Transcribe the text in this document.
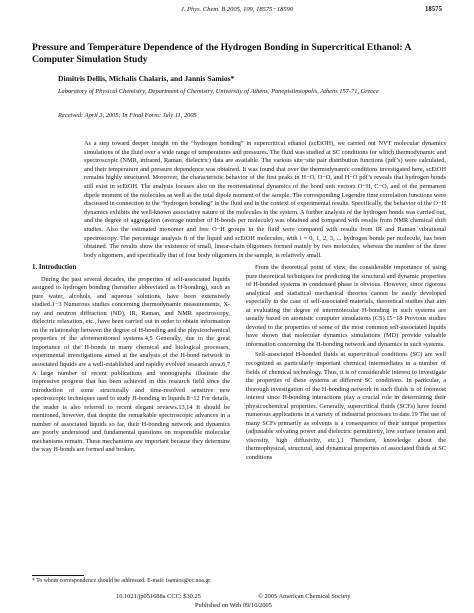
J. Phys. Chem. B 2005, 109, 18575−18590	18575
Pressure and Temperature Dependence of the Hydrogen Bonding in Supercritical Ethanol: A Computer Simulation Study
Dimitris Dellis, Michalis Chalaris, and Jannis Samios*
Laboratory of Physical Chemistry, Department of Chemistry, University of Athens, Panepistimiopolis, Athens 157-71, Greece
Received: April 3, 2005; In Final Form: July 11, 2005
As a step toward deeper insight on the “hydrogen bonding” in supercritical ethanol (scEtOH), we carried out NVT molecular dynamics simulations of the fluid over a wide range of temperatures and pressures. The fluid was studied at SC conditions for which thermodynamic and spectroscopic (NMR, infrared, Raman, dielectric) data are available. The various site−site pair distribution functions (pdf’s) were calculated, and their temperature and pressure dependence was obtained. It was found that over the thermodynamic conditions investigated here, scEtOH remains highly structured. Moreover, the characteristic behavior of the first peaks in H−O, O−O, and H−O pdf’s reveals that hydrogen bonds still exist in scEtOH. The analysis focuses also on the reorientational dynamics of the bond unit vectors O−H, C−O, and of the permanent dipole moment of the molecules as well as the total dipole moment of the sample. The corresponding Legendre time correlation functions were discussed in connection to the “hydrogen bonding” in the fluid and in the context of experimental results. Specifically, the behavior of the O−H dynamics exhibits the well-known associative nature of the molecules in the system. A further analysis of the hydrogen bonds was carried out, and the degree of aggregation (average number of H-bonds per molecule) was obtained and compared with results from NMR chemical shift studies. Also the estimated monomer and free O−H groups in the fluid were compared with results from IR and Raman vibrational spectroscopy. The percentage analysis fi of the liquid and scEtOH molecules, with i = 0, 1, 2, 3, ... hydrogen bonds per molecule, has been obtained. The results show the existence of small, linear-chain oligomers formed mainly by two molecules, whereas the number of the three body oligomers, and specifically that of four body oligomers in the sample, is relatively small.
1. Introduction

During the past several decades, the properties of self-associated liquids assigned to hydrogen bonding (hereafter abbreviated as H-bonding), such as pure water, alcohols, and aqueous solutions, have been extensively studied.1−3 Numerous studies concerning thermodynamic measurements, X-ray and neutron diffraction (ND), IR, Raman, and NMR spectroscopy, dielectric relaxation, etc., have been carried out in order to obtain information on the relationship between the degree of H-bonding and the physicochemical properties of the aforementioned systems.4,5 Generally, due to the great importance of the H-bonds in many chemical and biological processes, experimental investigations aimed at the analysis of the H-bond network in associated liquids are a well-established and rapidly evolved research area.6,7 A large number of recent publications and monographs illustrate the impressive progress that has been achieved in this research field since the introduction of some structurally and time-resolved sensitive new spectroscopic techniques used to study H-bonding in liquids.8−12 For details, the reader is also referred to recent elegant reviews.13,14 It should be mentioned, however, that despite the remarkable spectroscopic advances in a number of associated liquids so far, their H-bonding network and dynamics are poorly understood and fundamental questions on responsible molecular mechanisms remain. These mechanisms are important because they determine the way H-bonds are formed and broken.

From the theoretical point of view, the considerable importance of using pure theoretical techniques for predicting the structural and dynamic properties of H-bonded systems in condensed phase is obvious. However, since rigorous analytical and statistical mechanical theories cannot be easily developed especially in the case of self-associated materials, theoretical studies that aim at evaluating the degree of intermolecular H-bonding in such systems are usually based on atomistic computer simulations (CS).15−18 Previous studies devoted to the properties of some of the most common self-associated liquids have shown that molecular dynamics simulations (MD) provide valuable information concerning the H-bonding network and dynamics in such systems.

Self-associated H-bonded fluids at supercritical conditions (SC) are well recognized as particularly important chemical intermediates in a number of fields of chemical technology. Thus, it is of considerable interest to investigate the properties of these systems at different SC conditions. In particular, a thorough investigation of the H-bonding network in such fluids is of foremost interest since H-bonding interactions play a crucial role in determining their physicochemical properties. Generally, supercritical fluids (SCFs) have found numerous applications in a variety of industrial processes to date.19 The use of many SCFs primarily as solvents is a consequence of their unique properties (adjustable solvating power and dielectric permittivity, low surface tension and viscosity, high diffusivity, etc.).1 Therefore, knowledge about the thermophysical, structural, and dynamical properties of associated fluids at SC conditions

* To whom correspondence should be addressed. E-mail: isamios@cc.uoa.gr.
10.1021/jp051688a CCC: $30.25	© 2005 American Chemical Society
Published on Web 09/10/2005
